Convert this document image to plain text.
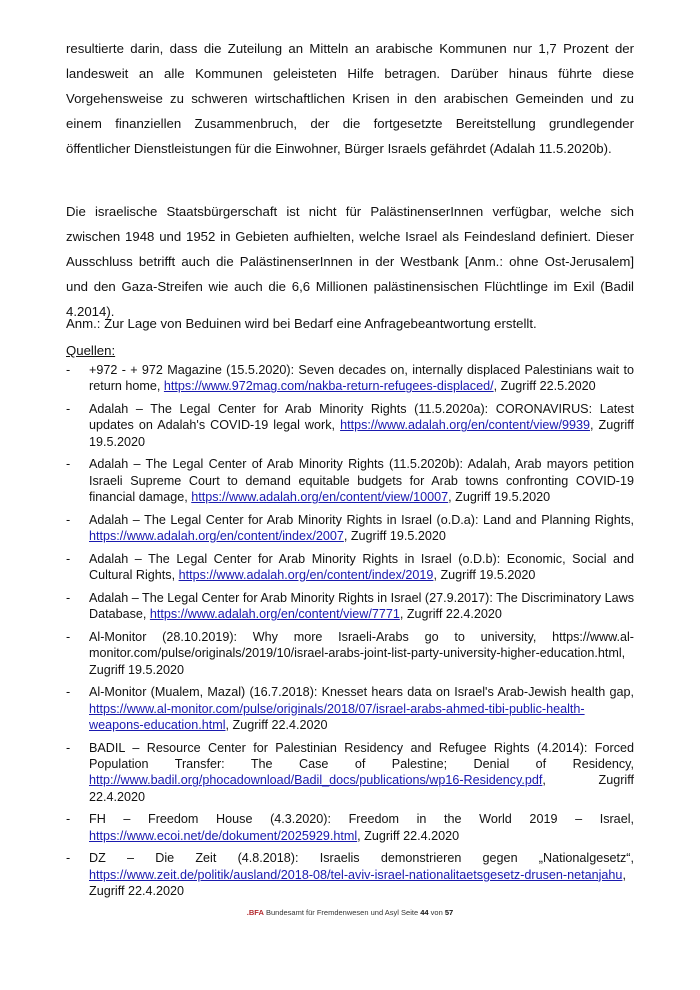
resultierte darin, dass die Zuteilung an Mitteln an arabische Kommunen nur 1,7 Prozent der landesweit an alle Kommunen geleisteten Hilfe betragen. Darüber hinaus führte diese Vorgehensweise zu schweren wirtschaftlichen Krisen in den arabischen Gemeinden und zu einem finanziellen Zusammenbruch, der die fortgesetzte Bereitstellung grundlegender öffentlicher Dienstleistungen für die Einwohner, Bürger Israels gefährdet (Adalah 11.5.2020b).

Die israelische Staatsbürgerschaft ist nicht für PalästinenserInnen verfügbar, welche sich zwischen 1948 und 1952 in Gebieten aufhielten, welche Israel als Feindesland definiert. Dieser Ausschluss betrifft auch die PalästinenserInnen in der Westbank [Anm.: ohne Ost-Jerusalem] und den Gaza-Streifen wie auch die 6,6 Millionen palästinensischen Flüchtlinge im Exil (Badil 4.2014).

Anm.: Zur Lage von Beduinen wird bei Bedarf eine Anfragebeantwortung erstellt.

Quellen:
- +972 - + 972 Magazine (15.5.2020): Seven decades on, internally displaced Palestinians wait to return home, https://www.972mag.com/nakba-return-refugees-displaced/, Zugriff 22.5.2020
- Adalah – The Legal Center for Arab Minority Rights (11.5.2020a): CORONAVIRUS: Latest updates on Adalah's COVID-19 legal work, https://www.adalah.org/en/content/view/9939, Zugriff 19.5.2020
- Adalah – The Legal Center of Arab Minority Rights (11.5.2020b): Adalah, Arab mayors petition Israeli Supreme Court to demand equitable budgets for Arab towns confronting COVID-19 financial damage, https://www.adalah.org/en/content/view/10007, Zugriff 19.5.2020
- Adalah – The Legal Center for Arab Minority Rights in Israel (o.D.a): Land and Planning Rights, https://www.adalah.org/en/content/index/2007, Zugriff 19.5.2020
- Adalah – The Legal Center for Arab Minority Rights in Israel (o.D.b): Economic, Social and Cultural Rights, https://www.adalah.org/en/content/index/2019, Zugriff 19.5.2020
- Adalah – The Legal Center for Arab Minority Rights in Israel (27.9.2017): The Discriminatory Laws Database, https://www.adalah.org/en/content/view/7771, Zugriff 22.4.2020
- Al-Monitor (28.10.2019): Why more Israeli-Arabs go to university, https://www.al-monitor.com/pulse/originals/2019/10/israel-arabs-joint-list-party-university-higher-education.html, Zugriff 19.5.2020
- Al-Monitor (Mualem, Mazal) (16.7.2018): Knesset hears data on Israel's Arab-Jewish health gap, https://www.al-monitor.com/pulse/originals/2018/07/israel-arabs-ahmed-tibi-public-health-weapons-education.html, Zugriff 22.4.2020
- BADIL – Resource Center for Palestinian Residency and Refugee Rights (4.2014): Forced Population Transfer: The Case of Palestine; Denial of Residency, http://www.badil.org/phocadownload/Badil_docs/publications/wp16-Residency.pdf, Zugriff 22.4.2020
- FH – Freedom House (4.3.2020): Freedom in the World 2019 – Israel, https://www.ecoi.net/de/dokument/2025929.html, Zugriff 22.4.2020
- DZ – Die Zeit (4.8.2018): Israelis demonstrieren gegen „Nationalgesetz“, https://www.zeit.de/politik/ausland/2018-08/tel-aviv-israel-nationalitaetsgesetz-drusen-netanjahu, Zugriff 22.4.2020
.BFA Bundesamt für Fremdenwesen und Asyl Seite 44 von 57
